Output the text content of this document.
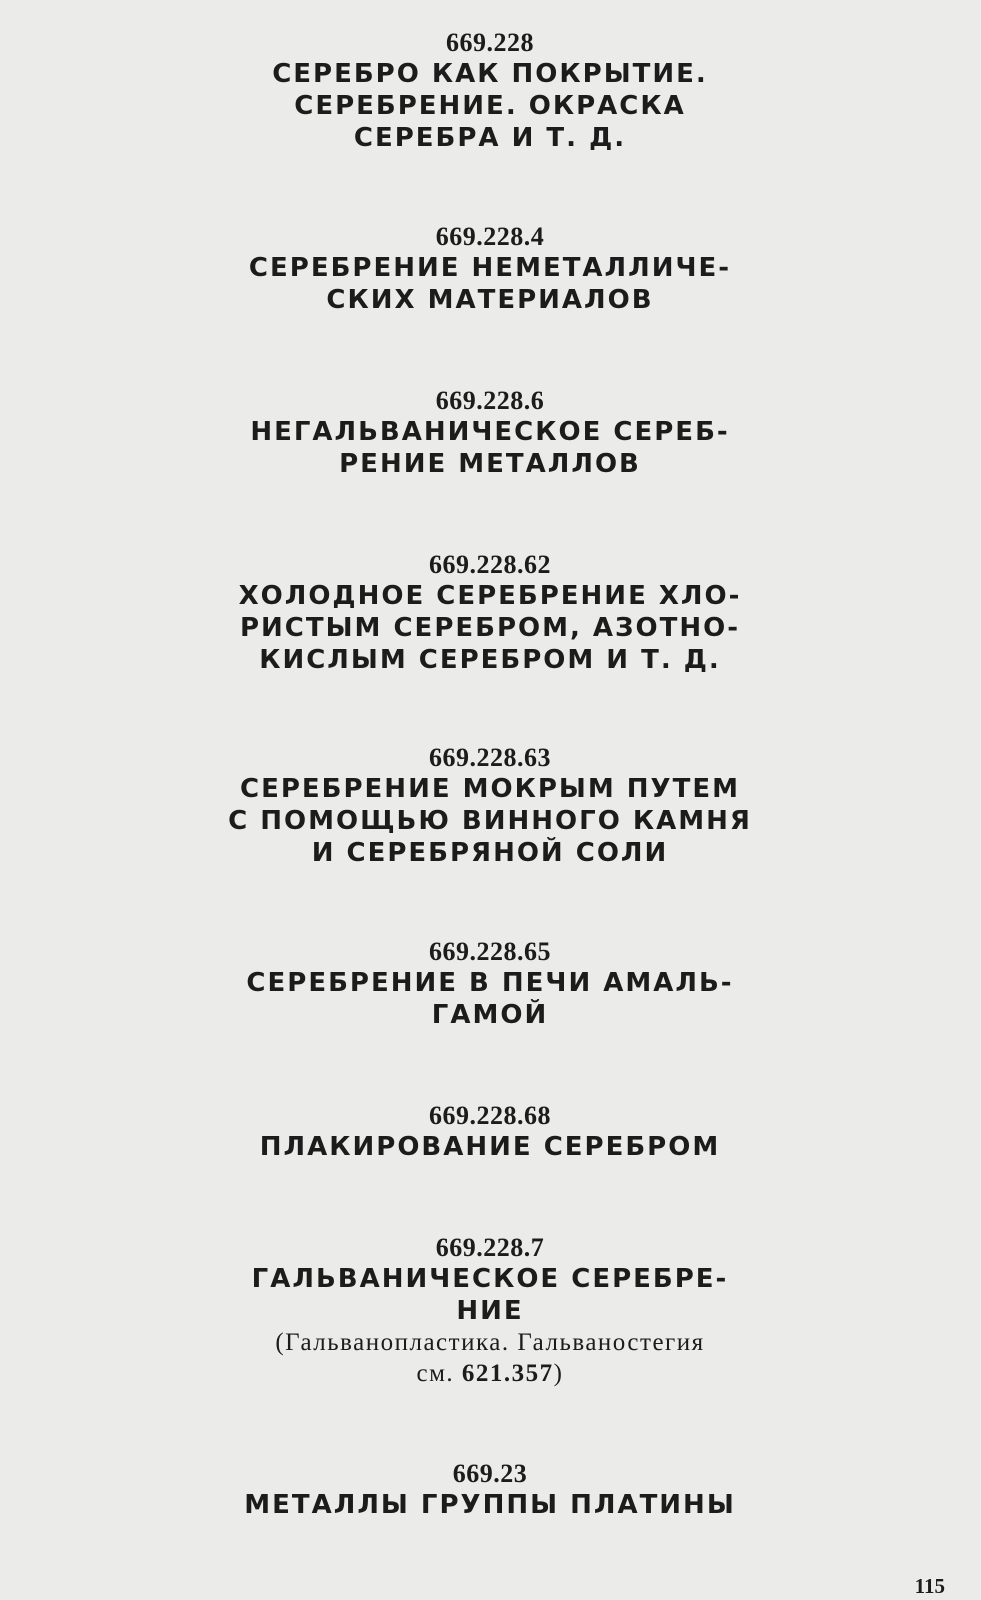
669.228
СЕРЕБРО КАК ПОКРЫТИЕ.
СЕРЕБРЕНИЕ. ОКРАСКА
СЕРЕБРА И Т. Д.
669.228.4
СЕРЕБРЕНИЕ НЕМЕТАЛЛИЧЕ-
СКИХ МАТЕРИАЛОВ
669.228.6
НЕГАЛЬВАНИЧЕСКОЕ СЕРЕБ-
РЕНИЕ МЕТАЛЛОВ
669.228.62
ХОЛОДНОЕ СЕРЕБРЕНИЕ ХЛО-
РИСТЫМ СЕРЕБРОМ, АЗОТНО-
КИСЛЫМ СЕРЕБРОМ И Т. Д.
669.228.63
СЕРЕБРЕНИЕ МОКРЫМ ПУТЕМ
С ПОМОЩЬЮ ВИННОГО КАМНЯ
И СЕРЕБРЯНОЙ СОЛИ
669.228.65
СЕРЕБРЕНИЕ В ПЕЧИ АМАЛЬ-
ГАМОЙ
669.228.68
ПЛАКИРОВАНИЕ СЕРЕБРОМ
669.228.7
ГАЛЬВАНИЧЕСКОЕ СЕРЕБРЕ-
НИЕ
(Гальванопластика. Гальваностегия
см. 621.357)
669.23
МЕТАЛЛЫ ГРУППЫ ПЛАТИНЫ
115
